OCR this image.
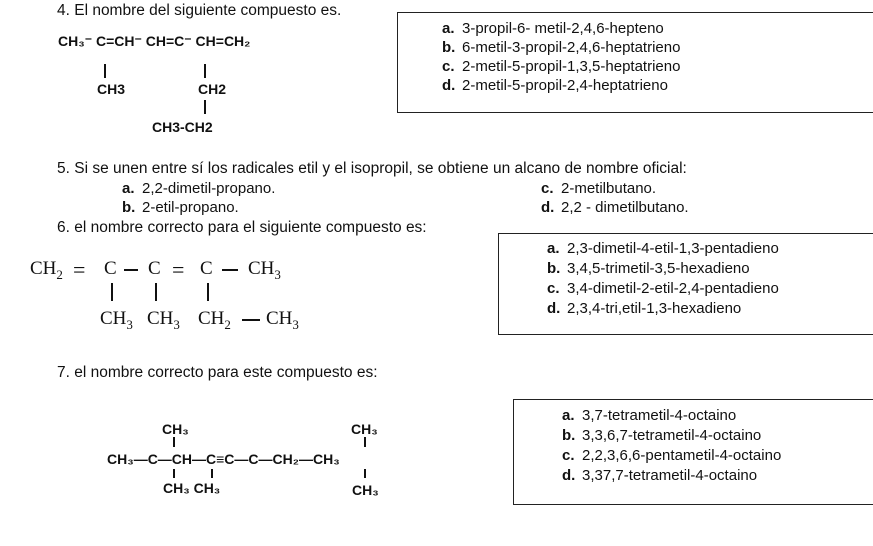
4. El nombre del siguiente compuesto es.
CH₃⁻ C=CH⁻ CH=C⁻ CH=CH₂
CH3	CH2
CH3-CH2
a. 3-propil-6- metil-2,4,6-hepteno
b. 6-metil-3-propil-2,4,6-heptatrieno
c. 2-metil-5-propil-1,3,5-heptatrieno
d. 2-metil-5-propil-2,4-heptatrieno
5. Si se unen entre sí los radicales etil y el isopropil, se obtiene un alcano de nombre oficial:
a. 2,2-dimetil-propano.
b. 2-etil-propano.
c. 2-metilbutano.
d. 2,2 - dimetilbutano.
6. el nombre correcto para el siguiente compuesto es:
$CH_2 = C$ C = C $CH_3$
$CH_3$ $CH_3$ $CH_2$ $CH_3$
a. 2,3-dimetil-4-etil-1,3-pentadieno
b. 3,4,5-trimetil-3,5-hexadieno
c. 3,4-dimetil-2-etil-2,4-pentadieno
d. 2,3,4-tri,etil-1,3-hexadieno
7. el nombre correcto para este compuesto es:
CH₃	CH₃
CH₃—C—CH—C≡C—C—CH₂—CH₃
CH₃ CH₃	CH₃
a. 3,7-tetrametil-4-octaino
b. 3,3,6,7-tetrametil-4-octaino
c. 2,2,3,6,6-pentametil-4-octaino
d. 3,37,7-tetrametil-4-octaino
